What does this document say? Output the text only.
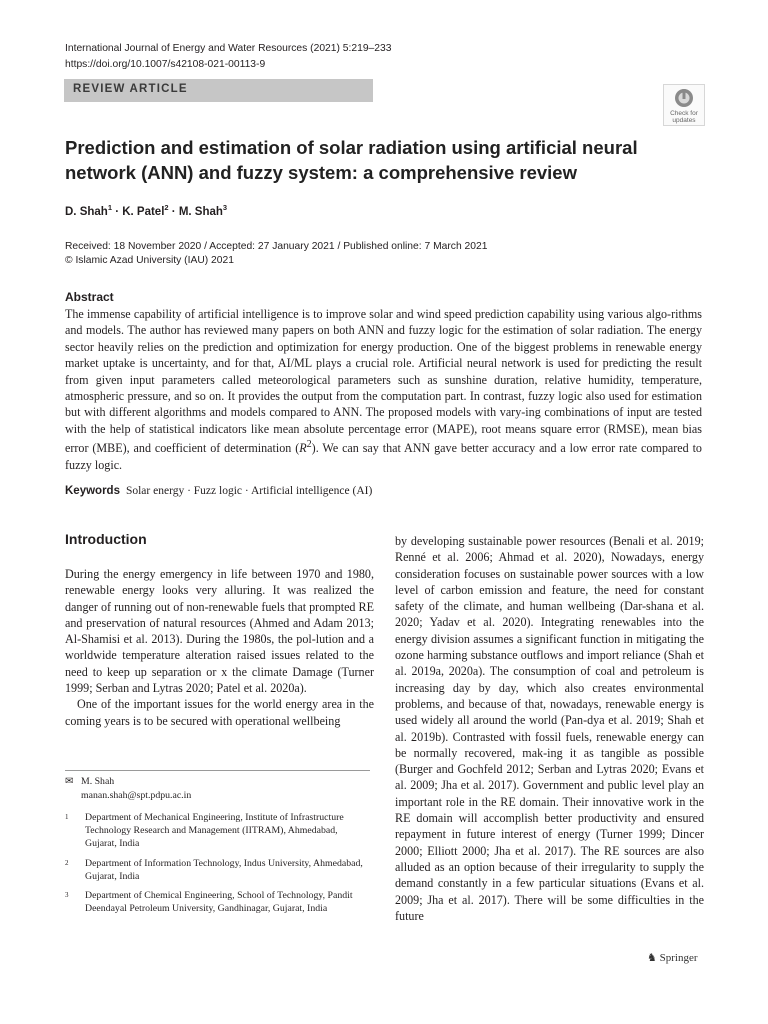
International Journal of Energy and Water Resources (2021) 5:219–233
https://doi.org/10.1007/s42108-021-00113-9
REVIEW ARTICLE
Check for
updates
Prediction and estimation of solar radiation using artificial neural network (ANN) and fuzzy system: a comprehensive review
D. Shah$^1$ · K. Patel$^2$ · M. Shah$^3$
Received: 18 November 2020 / Accepted: 27 January 2021 / Published online: 7 March 2021
© Islamic Azad University (IAU) 2021
Abstract
The immense capability of artificial intelligence is to improve solar and wind speed prediction capability using various algo-rithms and models. The author has reviewed many papers on both ANN and fuzzy logic for the estimation of solar radiation. The energy sector heavily relies on the prediction and optimization for energy production. One of the biggest problems in renewable energy market uptake is uncertainty, and for that, AI/ML plays a crucial role. Artificial neural network is used for predicting the result from given input parameters called meteorological parameters such as sunshine duration, relative humidity, temperature, atmospheric pressure, and so on. It provides the output from the computation part. In contrast, fuzzy logic also used for estimation but with different algorithms and models compared to ANN. The proposed models with vary-ing combinations of input are tested with the help of statistical indicators like mean absolute percentage error (MAPE), root means square error (RMSE), mean bias error (MBE), and coefficient of determination $(R^2)$. We can say that ANN gave better accuracy and a low error rate compared to fuzzy logic.
Keywords Solar energy · Fuzz logic · Artificial intelligence (AI)
Introduction

During the energy emergency in life between 1970 and 1980, renewable energy looks very alluring. It was realized the danger of running out of non-renewable fuels that prompted RE and preservation of natural resources (Ahmed and Adam 2013; Al-Shamisi et al. 2013). During the 1980s, the pol-lution and a worldwide temperature alteration raised issues related to the need to keep up separation or x the climate Damage (Turner 1999; Serban and Lytras 2020; Patel et al. 2020a).

One of the important issues for the world energy area in the coming years is to be secured with operational wellbeing

by developing sustainable power resources (Benali et al. 2019; Renné et al. 2006; Ahmad et al. 2020), Nowadays, energy consideration focuses on sustainable power sources with a low level of carbon emission and feature, the need for constant safety of the climate, and human wellbeing (Dar-shana et al. 2020; Yadav et al. 2020). Integrating renewables into the energy division assumes a significant function in mitigating the ozone harming substance outflows and import reliance (Shah et al. 2019a, 2020a). The consumption of coal and petroleum is increasing day by day, which also creates environmental problems, and because of that, nowadays, renewable energy is used widely all around the world (Pan-dya et al. 2019; Shah et al. 2019b). Contrasted with fossil fuels, renewable energy can be normally recovered, mak-ing it as tangible as possible (Burger and Gochfeld 2012; Serban and Lytras 2020; Evans et al. 2009; Jha et al. 2017). Government and public level play an important role in the RE domain. Their innovative work in the RE domain will accomplish better productivity and ensured repayment in future interest of energy (Turner 1999; Dincer 2000; Elliott 2000; Jha et al. 2017). The RE sources are also alluded as an option because of their irregularity to supply the demand constantly in a few particular situations (Evans et al. 2009; Jha et al. 2017). There will be some difficulties in the future

✉ M. Shah
manan.shah@spt.pdpu.ac.in
1 Department of Mechanical Engineering, Institute of Infrastructure Technology Research and Management (IITRAM), Ahmedabad, Gujarat, India
2 Department of Information Technology, Indus University, Ahmedabad, Gujarat, India
3 Department of Chemical Engineering, School of Technology, Pandit Deendayal Petroleum University, Gandhinagar, Gujarat, India
♞ Springer
